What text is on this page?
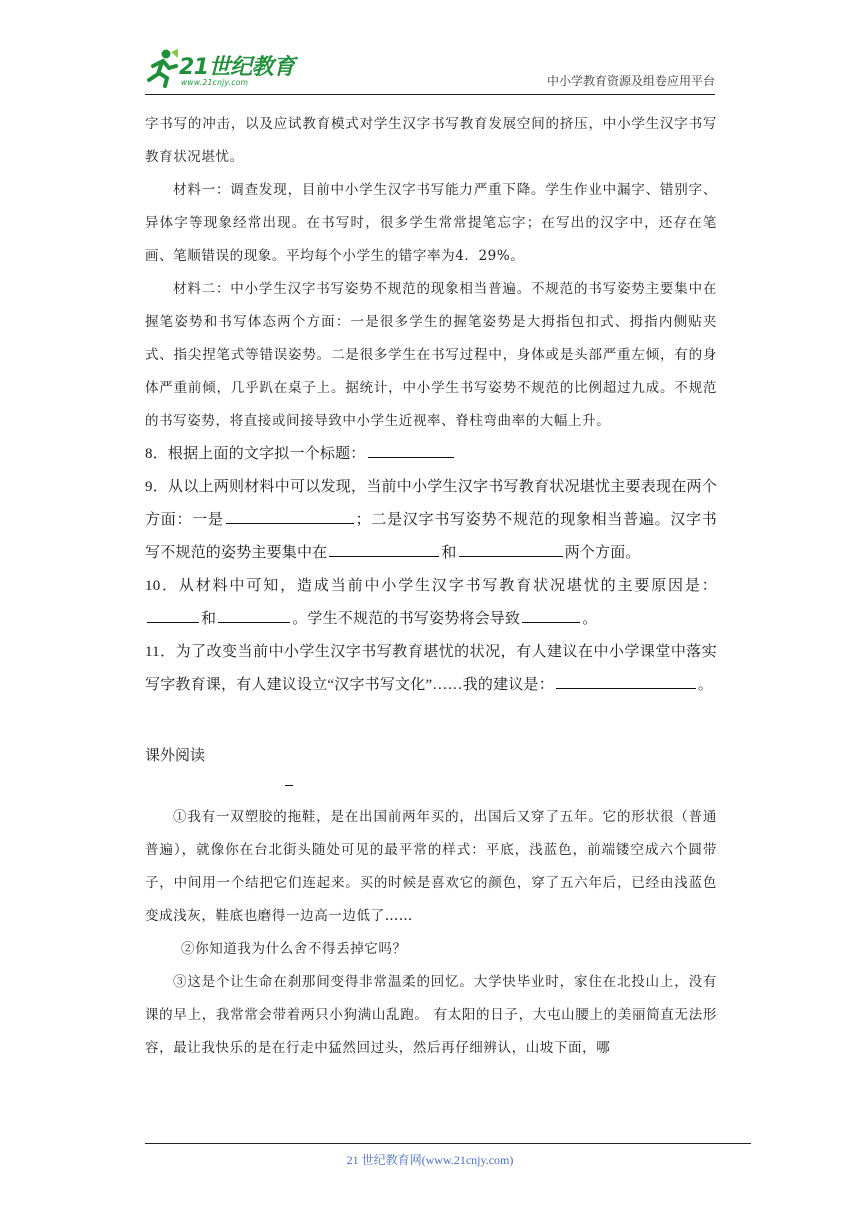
21世纪教育
www.21cnjy.com	中小学教育资源及组卷应用平台

字书写的冲击，以及应试教育模式对学生汉字书写教育发展空间的挤压，中小学生汉字书写教育状况堪忧。

材料一：调查发现，目前中小学生汉字书写能力严重下降。学生作业中漏字、错别字、异体字等现象经常出现。在书写时，很多学生常常提笔忘字；在写出的汉字中，还存在笔画、笔顺错误的现象。平均每个小学生的错字率为4．29%。

材料二：中小学生汉字书写姿势不规范的现象相当普遍。不规范的书写姿势主要集中在握笔姿势和书写体态两个方面：一是很多学生的握笔姿势是大拇指包扣式、拇指内侧贴夹式、指尖捏笔式等错误姿势。二是很多学生在书写过程中，身体或是头部严重左倾，有的身体严重前倾，几乎趴在桌子上。据统计，中小学生书写姿势不规范的比例超过九成。不规范的书写姿势，将直接或间接导致中小学生近视率、脊柱弯曲率的大幅上升。

8．根据上面的文字拟一个标题：

9．从以上两则材料中可以发现，当前中小学生汉字书写教育状况堪忧主要表现在两个方面：一是	；二是汉字书写姿势不规范的现象相当普遍。汉字书写不规范的姿势主要集中在	和	两个方面。

10．从材料中可知，造成当前中小学生汉字书写教育状况堪忧的主要原因是：和	。学生不规范的书写姿势将会导致	。

11．为了改变当前中小学生汉字书写教育堪忧的状况，有人建议在中小学课堂中落实写字教育课，有人建议设立“汉字书写文化”……我的建议是：	。

课外阅读

①我有一双塑胶的拖鞋，是在出国前两年买的，出国后又穿了五年。它的形状很（普通 普遍），就像你在台北街头随处可见的最平常的样式：平底，浅蓝色，前端镂空成六个圆带子，中间用一个结把它们连起来。买的时候是喜欢它的颜色，穿了五六年后，已经由浅蓝色变成浅灰，鞋底也磨得一边高一边低了……

②你知道我为什么舍不得丢掉它吗？

③这是个让生命在刹那间变得非常温柔的回忆。大学快毕业时，家住在北投山上，没有课的早上，我常常会带着两只小狗满山乱跑。 有太阳的日子，大屯山腰上的美丽简直无法形容，最让我快乐的是在行走中猛然回过头，然后再仔细辨认，山坡下面，哪

21 世纪教育网(www.21cnjy.com)
